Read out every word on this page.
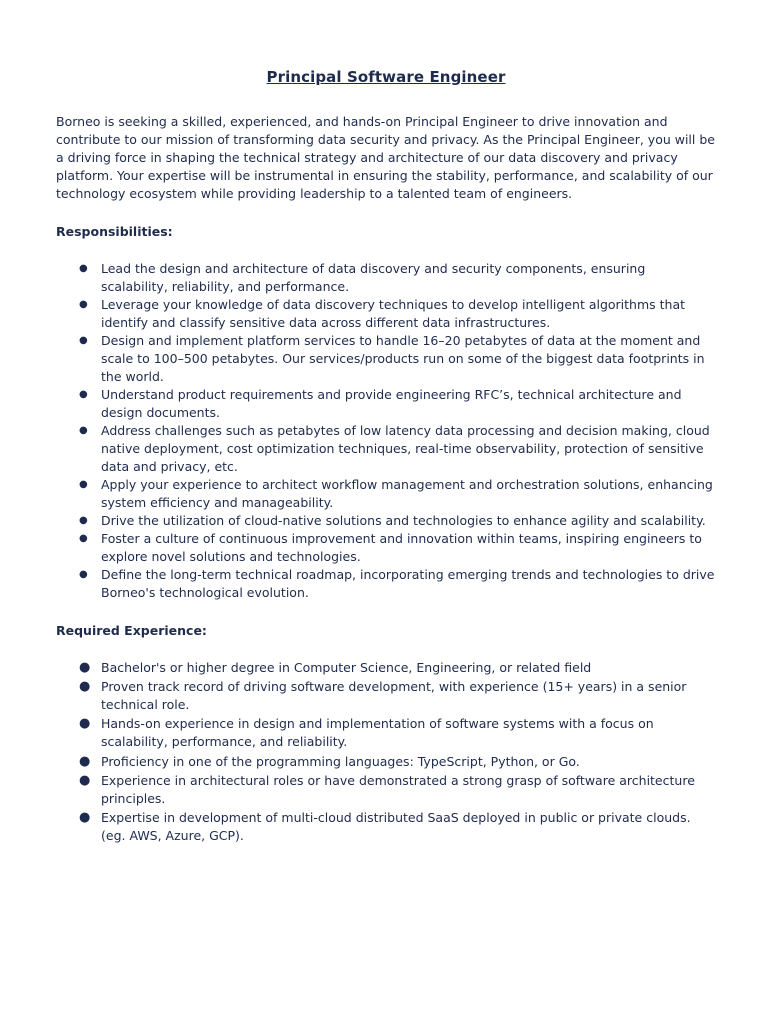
Principal Software Engineer

Borneo is seeking a skilled, experienced, and hands-on Principal Engineer to drive innovation and contribute to our mission of transforming data security and privacy. As the Principal Engineer, you will be a driving force in shaping the technical strategy and architecture of our data discovery and privacy platform. Your expertise will be instrumental in ensuring the stability, performance, and scalability of our technology ecosystem while providing leadership to a talented team of engineers.

Responsibilities:
● Lead the design and architecture of data discovery and security components, ensuring scalability, reliability, and performance.
● Leverage your knowledge of data discovery techniques to develop intelligent algorithms that identify and classify sensitive data across different data infrastructures.
● Design and implement platform services to handle 16–20 petabytes of data at the moment and scale to 100–500 petabytes. Our services/products run on some of the biggest data footprints in the world.
● Understand product requirements and provide engineering RFC’s, technical architecture and design documents.
● Address challenges such as petabytes of low latency data processing and decision making, cloud native deployment, cost optimization techniques, real-time observability, protection of sensitive data and privacy, etc.
● Apply your experience to architect workflow management and orchestration solutions, enhancing system efficiency and manageability.
● Drive the utilization of cloud-native solutions and technologies to enhance agility and scalability.
● Foster a culture of continuous improvement and innovation within teams, inspiring engineers to explore novel solutions and technologies.
● Define the long-term technical roadmap, incorporating emerging trends and technologies to drive Borneo's technological evolution.
Required Experience:
● Bachelor's or higher degree in Computer Science, Engineering, or related field
● Proven track record of driving software development, with experience (15+ years) in a senior technical role.
● Hands-on experience in design and implementation of software systems with a focus on scalability, performance, and reliability.
● Proficiency in one of the programming languages: TypeScript, Python, or Go.
● Experience in architectural roles or have demonstrated a strong grasp of software architecture principles.
● Expertise in development of multi-cloud distributed SaaS deployed in public or private clouds. (eg. AWS, Azure, GCP).
